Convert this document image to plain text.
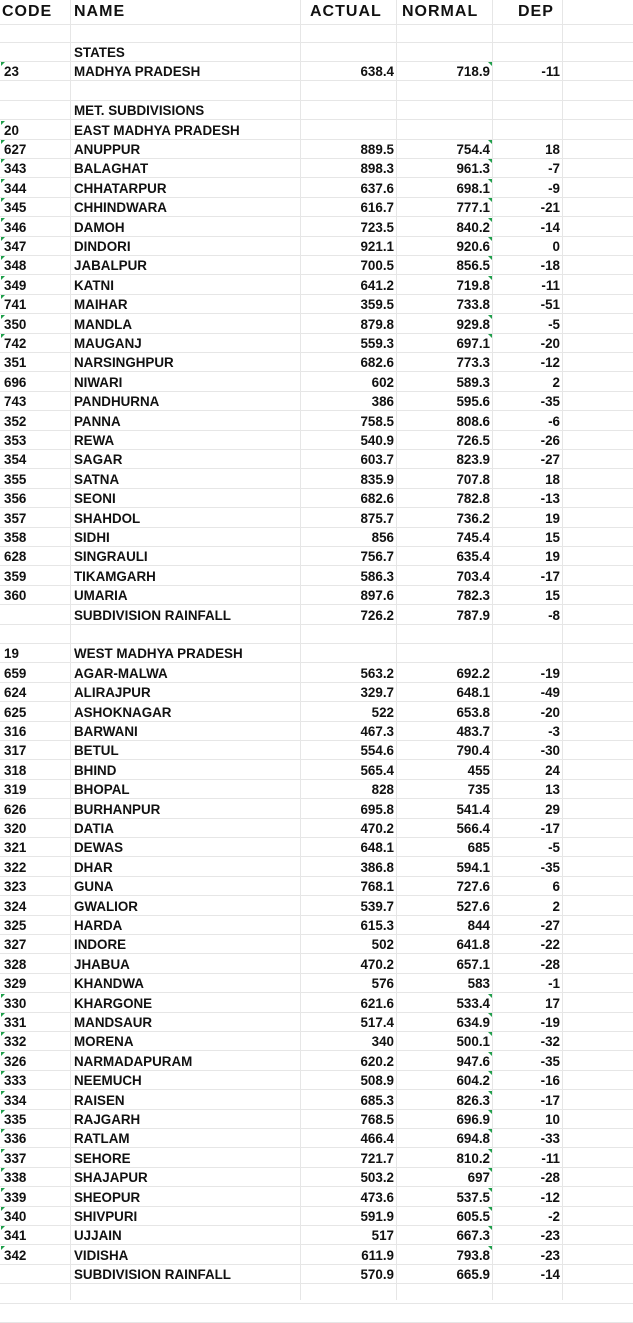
CODE NAME	ACTUAL NORMAL DEP
STATES
23	MADHYA PRADESH	638.4	718.9	-11
MET. SUBDIVISIONS
20	EAST MADHYA PRADESH
627	ANUPPUR	889.5	754.4	18
343	BALAGHAT	898.3	961.3	-7
344	CHHATARPUR	637.6	698.1	-9
345	CHHINDWARA	616.7	777.1	-21
346	DAMOH	723.5	840.2	-14
347	DINDORI	921.1	920.6	0
348	JABALPUR	700.5	856.5	-18
349	KATNI	641.2	719.8	-11
741	MAIHAR	359.5	733.8	-51
350	MANDLA	879.8	929.8	-5
742	MAUGANJ	559.3	697.1	-20
351	NARSINGHPUR	682.6	773.3	-12
696	NIWARI	602	589.3	2
743	PANDHURNA	386	595.6	-35
352	PANNA	758.5	808.6	-6
353	REWA	540.9	726.5	-26
354	SAGAR	603.7	823.9	-27
355	SATNA	835.9	707.8	18
356	SEONI	682.6	782.8	-13
357	SHAHDOL	875.7	736.2	19
358	SIDHI	856	745.4	15
628	SINGRAULI	756.7	635.4	19
359	TIKAMGARH	586.3	703.4	-17
360	UMARIA	897.6	782.3	15
SUBDIVISION RAINFALL	726.2	787.9	-8
19	WEST MADHYA PRADESH
659	AGAR-MALWA	563.2	692.2	-19
624	ALIRAJPUR	329.7	648.1	-49
625	ASHOKNAGAR	522	653.8	-20
316	BARWANI	467.3	483.7	-3
317	BETUL	554.6	790.4	-30
318	BHIND	565.4	455	24
319	BHOPAL	828	735	13
626	BURHANPUR	695.8	541.4	29
320	DATIA	470.2	566.4	-17
321	DEWAS	648.1	685	-5
322	DHAR	386.8	594.1	-35
323	GUNA	768.1	727.6	6
324	GWALIOR	539.7	527.6	2
325	HARDA	615.3	844	-27
327	INDORE	502	641.8	-22
328	JHABUA	470.2	657.1	-28
329	KHANDWA	576	583	-1
330	KHARGONE	621.6	533.4	17
331	MANDSAUR	517.4	634.9	-19
332	MORENA	340	500.1	-32
326	NARMADAPURAM	620.2	947.6	-35
333	NEEMUCH	508.9	604.2	-16
334	RAISEN	685.3	826.3	-17
335	RAJGARH	768.5	696.9	10
336	RATLAM	466.4	694.8	-33
337	SEHORE	721.7	810.2	-11
338	SHAJAPUR	503.2	697	-28
339	SHEOPUR	473.6	537.5	-12
340	SHIVPURI	591.9	605.5	-2
341	UJJAIN	517	667.3	-23
342	VIDISHA	611.9	793.8	-23
SUBDIVISION RAINFALL	570.9	665.9	-14
